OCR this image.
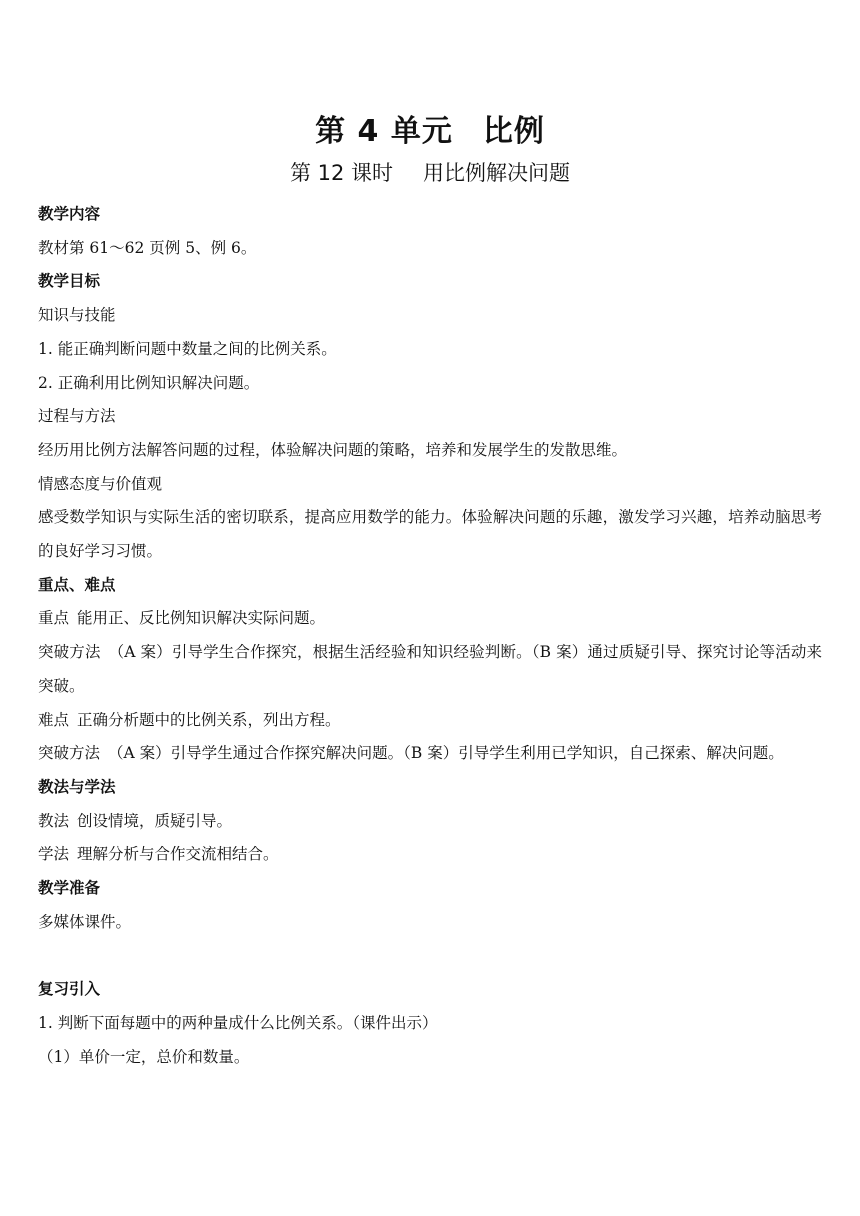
第 4 单元 比例
第 12 课时 用比例解决问题
教学内容
教材第 61～62 页例 5、例 6。
教学目标
知识与技能
1. 能正确判断问题中数量之间的比例关系。
2. 正确利用比例知识解决问题。
过程与方法
经历用比例方法解答问题的过程，体验解决问题的策略，培养和发展学生的发散思维。
情感态度与价值观
感受数学知识与实际生活的密切联系，提高应用数学的能力。体验解决问题的乐趣，激发学习兴趣，培养动脑思考的良好学习习惯。
重点、难点
重点 能用正、反比例知识解决实际问题。
突破方法 （A 案）引导学生合作探究，根据生活经验和知识经验判断。（B 案）通过质疑引导、探究讨论等活动来突破。
难点 正确分析题中的比例关系，列出方程。
突破方法 （A 案）引导学生通过合作探究解决问题。（B 案）引导学生利用已学知识，自己探索、解决问题。
教法与学法
教法 创设情境，质疑引导。
学法 理解分析与合作交流相结合。
教学准备
多媒体课件。
复习引入
1. 判断下面每题中的两种量成什么比例关系。（课件出示）
（1）单价一定，总价和数量。
